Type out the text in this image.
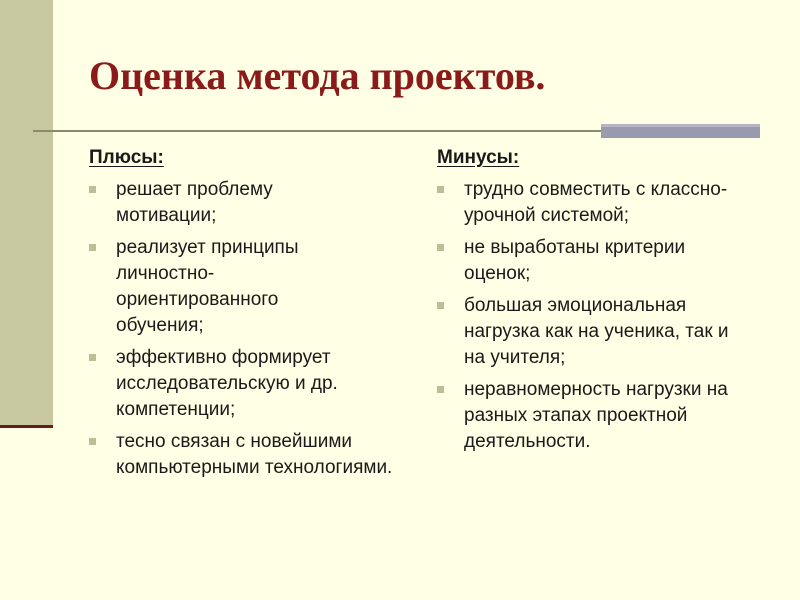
Оценка метода проектов.
Плюсы:
решает проблему мотивации;
реализует принципы личностно-ориентированного обучения;
эффективно формирует исследовательскую и др. компетенции;
тесно связан с новейшими компьютерными технологиями.
Минусы:
трудно совместить с классно-урочной системой;
не выработаны критерии оценок;
большая эмоциональная нагрузка как на ученика, так и на учителя;
неравномерность нагрузки на разных этапах проектной деятельности.
